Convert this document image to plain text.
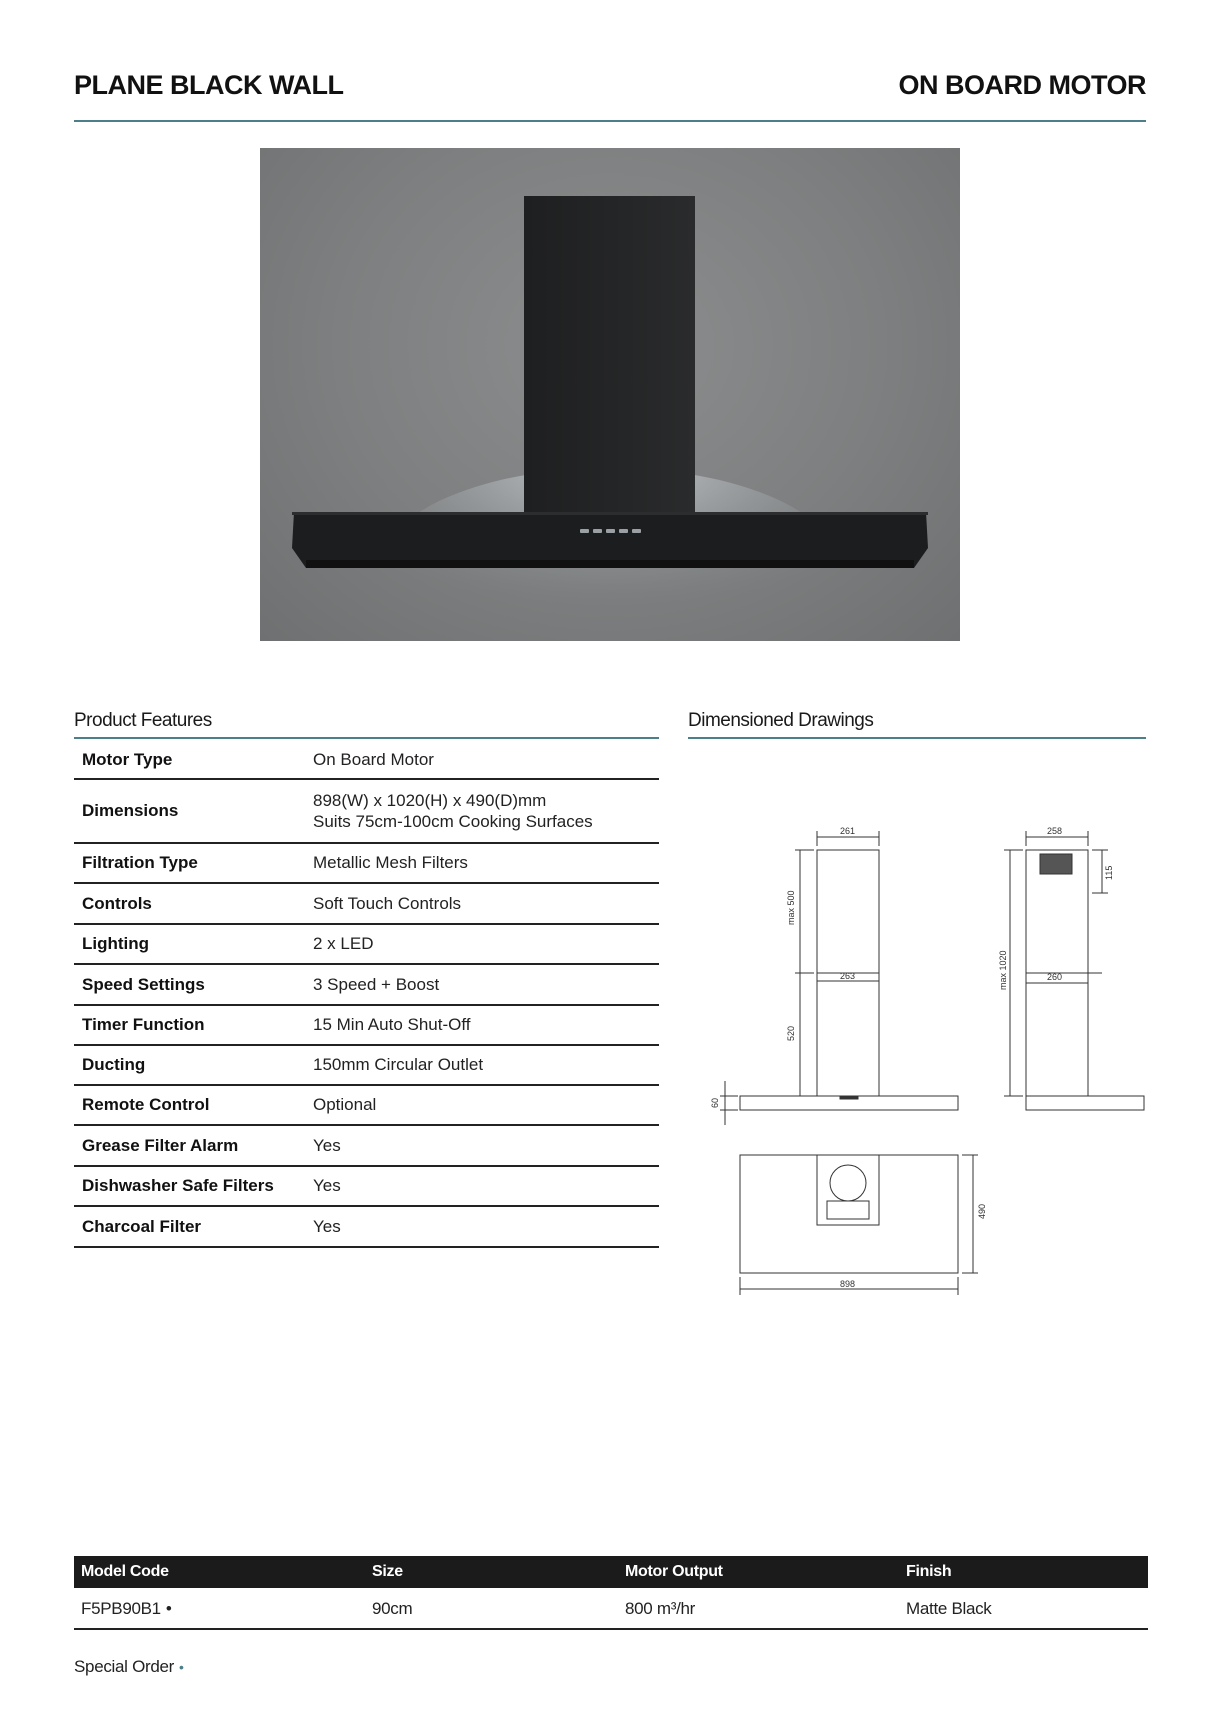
PLANE BLACK WALL	ON BOARD MOTOR
Product Features	Dimensioned Drawings
Motor Type	On Board Motor
Dimensions	898(W) x 1020(H) x 490(D)mm
Suits 75cm-100cm Cooking Surfaces

Filtration Type	Metallic Mesh Filters
Controls	Soft Touch Controls
Lighting	2 x LED
Speed Settings	3 Speed + Boost
Timer Function	15 Min Auto Shut-Off
Ducting	150mm Circular Outlet
Remote Control	Optional
Grease Filter Alarm	Yes
Dishwasher Safe Filters	Yes
Charcoal Filter	Yes
261
263
max 500
520
60
258
115
260
max 1020
490
898
Model Code	Size	Motor Output	Finish
F5PB90B1 •	90cm	800 m³/hr	Matte Black
Special Order •
